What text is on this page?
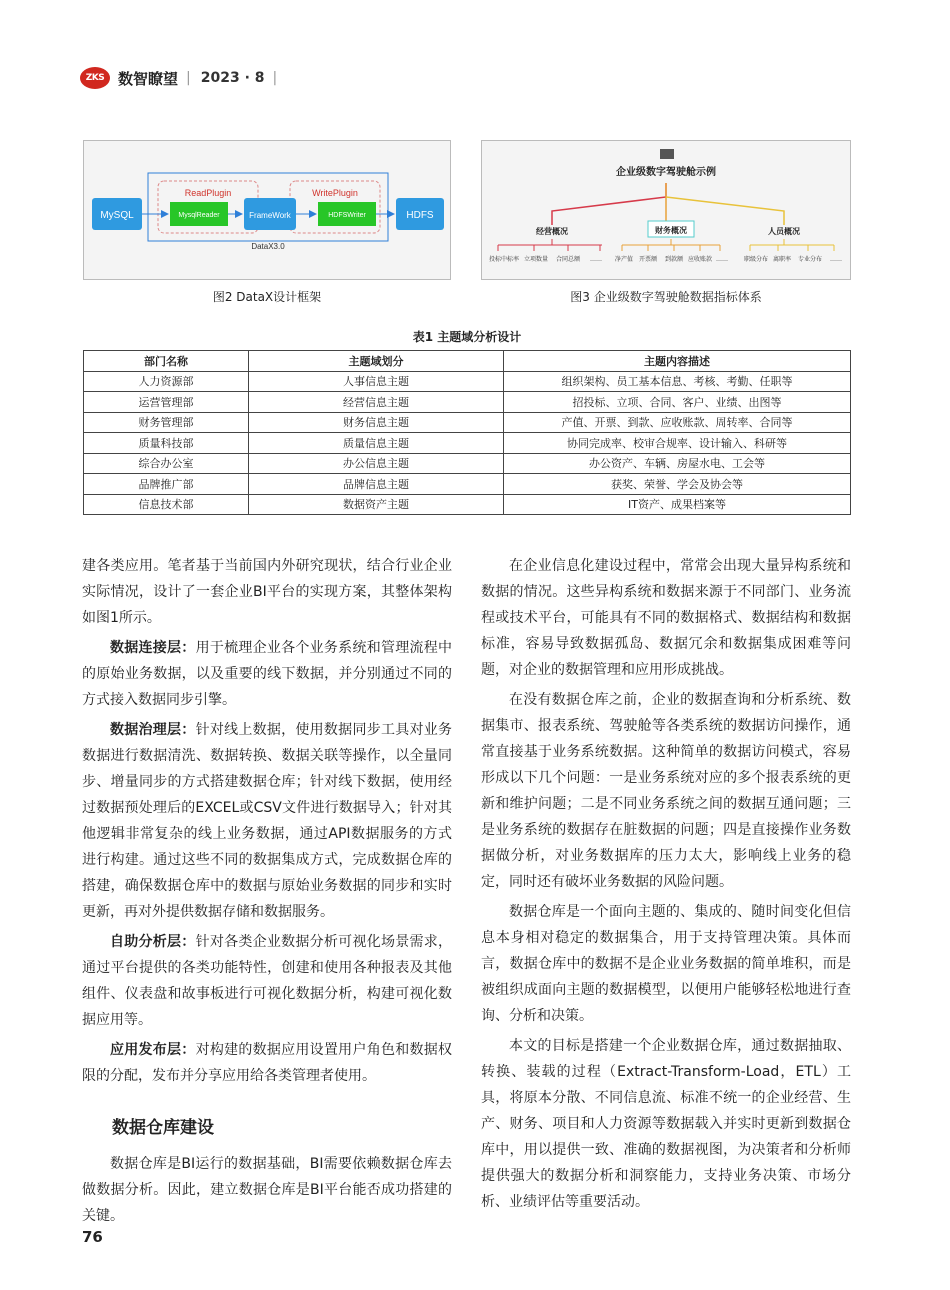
ZKS 数智瞭望 | 2023 · 8 |
DataX3.0
ReadPlugin	WritePlugin
MySQL	MysqlReader	FrameWork	HDFSWriter	HDFS
图2 DataX设计框架
企业级数字驾驶舱示例
经营概况	财务概况	人员概况
投标中标率 立项数量 合同总额 …… 净产值 开票额 到款额 应收账款 ……	职级分布 离职率 专业分布 ……
图3 企业级数字驾驶舱数据指标体系
表1 主题域分析设计
部门名称	主题域划分	主题内容描述
人力资源部	人事信息主题	组织架构、员工基本信息、考核、考勤、任职等
运营管理部	经营信息主题	招投标、立项、合同、客户、业绩、出图等
财务管理部	财务信息主题	产值、开票、到款、应收账款、周转率、合同等
质量科技部	质量信息主题	协同完成率、校审合规率、设计输入、科研等
综合办公室	办公信息主题	办公资产、车辆、房屋水电、工会等
品牌推广部	品牌信息主题	获奖、荣誉、学会及协会等
信息技术部	数据资产主题	IT资产、成果档案等

建各类应用。笔者基于当前国内外研究现状，结合行业企业实际情况，设计了一套企业BI平台的实现方案，其整体架构如图1所示。

数据连接层：用于梳理企业各个业务系统和管理流程中的原始业务数据，以及重要的线下数据，并分别通过不同的方式接入数据同步引擎。

数据治理层：针对线上数据，使用数据同步工具对业务数据进行数据清洗、数据转换、数据关联等操作，以全量同步、增量同步的方式搭建数据仓库；针对线下数据，使用经过数据预处理后的EXCEL或CSV文件进行数据导入；针对其他逻辑非常复杂的线上业务数据，通过API数据服务的方式进行构建。通过这些不同的数据集成方式，完成数据仓库的搭建，确保数据仓库中的数据与原始业务数据的同步和实时更新，再对外提供数据存储和数据服务。

自助分析层：针对各类企业数据分析可视化场景需求，通过平台提供的各类功能特性，创建和使用各种报表及其他组件、仪表盘和故事板进行可视化数据分析，构建可视化数据应用等。

应用发布层：对构建的数据应用设置用户角色和数据权限的分配，发布并分享应用给各类管理者使用。

数据仓库建设

数据仓库是BI运行的数据基础，BI需要依赖数据仓库去做数据分析。因此，建立数据仓库是BI平台能否成功搭建的关键。

在企业信息化建设过程中，常常会出现大量异构系统和数据的情况。这些异构系统和数据来源于不同部门、业务流程或技术平台，可能具有不同的数据格式、数据结构和数据标准，容易导致数据孤岛、数据冗余和数据集成困难等问题，对企业的数据管理和应用形成挑战。

在没有数据仓库之前，企业的数据查询和分析系统、数据集市、报表系统、驾驶舱等各类系统的数据访问操作，通常直接基于业务系统数据。这种简单的数据访问模式，容易形成以下几个问题：一是业务系统对应的多个报表系统的更新和维护问题；二是不同业务系统之间的数据互通问题；三是业务系统的数据存在脏数据的问题；四是直接操作业务数据做分析，对业务数据库的压力太大，影响线上业务的稳定，同时还有破坏业务数据的风险问题。

数据仓库是一个面向主题的、集成的、随时间变化但信息本身相对稳定的数据集合，用于支持管理决策。具体而言，数据仓库中的数据不是企业业务数据的简单堆积，而是被组织成面向主题的数据模型，以便用户能够轻松地进行查询、分析和决策。

本文的目标是搭建一个企业数据仓库，通过数据抽取、转换、装载的过程（Extract-Transform-Load，ETL）工具，将原本分散、不同信息流、标准不统一的企业经营、生产、财务、项目和人力资源等数据载入并实时更新到数据仓库中，用以提供一致、准确的数据视图，为决策者和分析师提供强大的数据分析和洞察能力，支持业务决策、市场分析、业绩评估等重要活动。

76
